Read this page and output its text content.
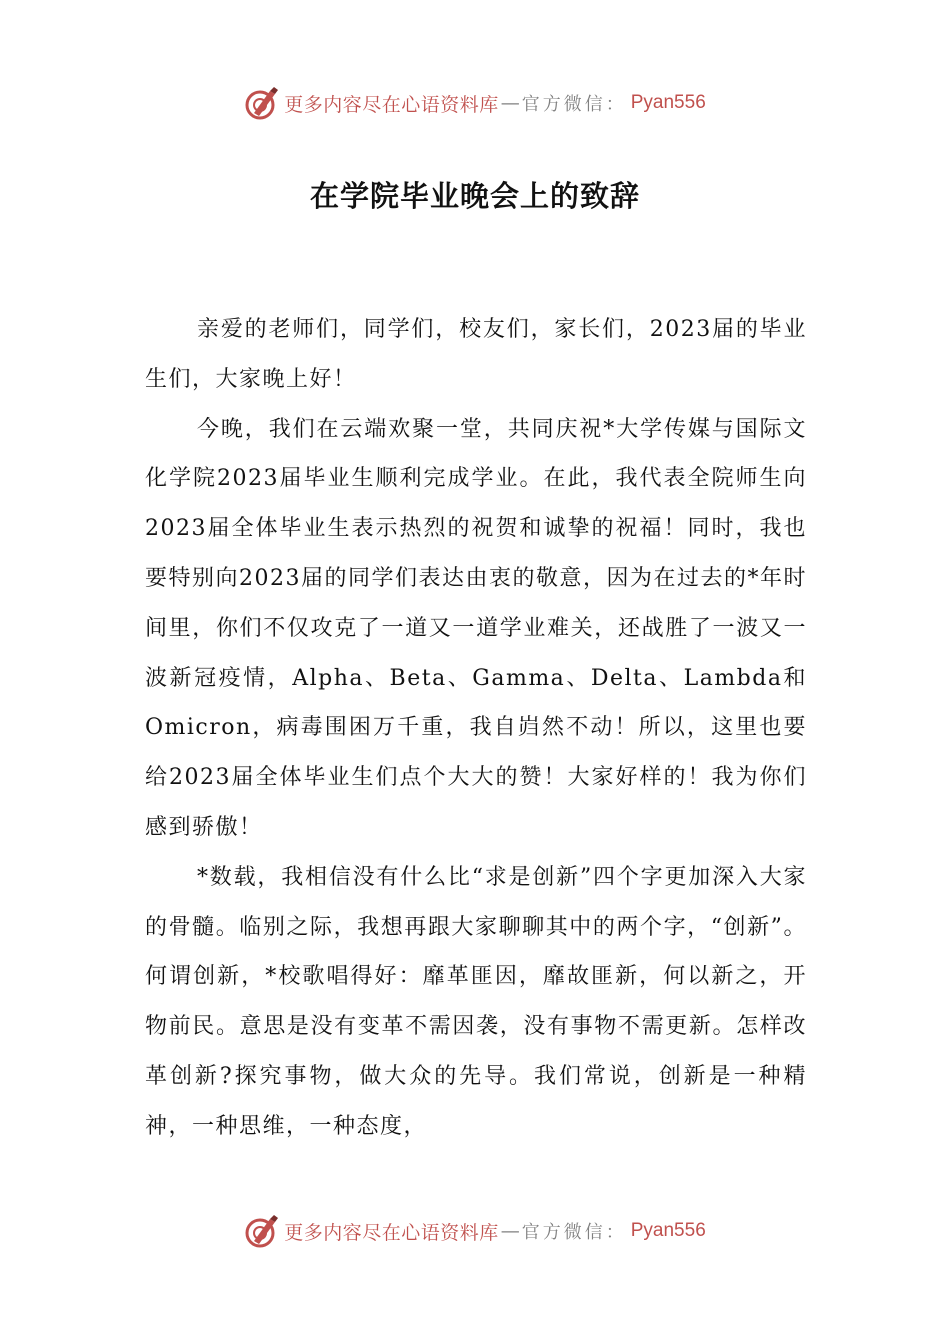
更多内容尽在心语资料库 — 官方微信： Pyan556
在学院毕业晚会上的致辞

亲爱的老师们，同学们，校友们，家长们，2023届的毕业生们，大家晚上好！

今晚，我们在云端欢聚一堂，共同庆祝*大学传媒与国际文化学院2023届毕业生顺利完成学业。在此，我代表全院师生向2023届全体毕业生表示热烈的祝贺和诚挚的祝福！同时，我也要特别向2023届的同学们表达由衷的敬意，因为在过去的*年时间里，你们不仅攻克了一道又一道学业难关，还战胜了一波又一波新冠疫情，Alpha、Beta、Gamma、Delta、Lambda和Omicron，病毒围困万千重，我自岿然不动！所以，这里也要给2023届全体毕业生们点个大大的赞！大家好样的！我为你们感到骄傲！

*数载，我相信没有什么比“求是创新”四个字更加深入大家的骨髓。临别之际，我想再跟大家聊聊其中的两个字，“创新”。何谓创新，*校歌唱得好：靡革匪因，靡故匪新，何以新之，开物前民。意思是没有变革不需因袭，没有事物不需更新。怎样改革创新?探究事物，做大众的先导。我们常说，创新是一种精神，一种思维，一种态度，

更多内容尽在心语资料库 — 官方微信： Pyan556
